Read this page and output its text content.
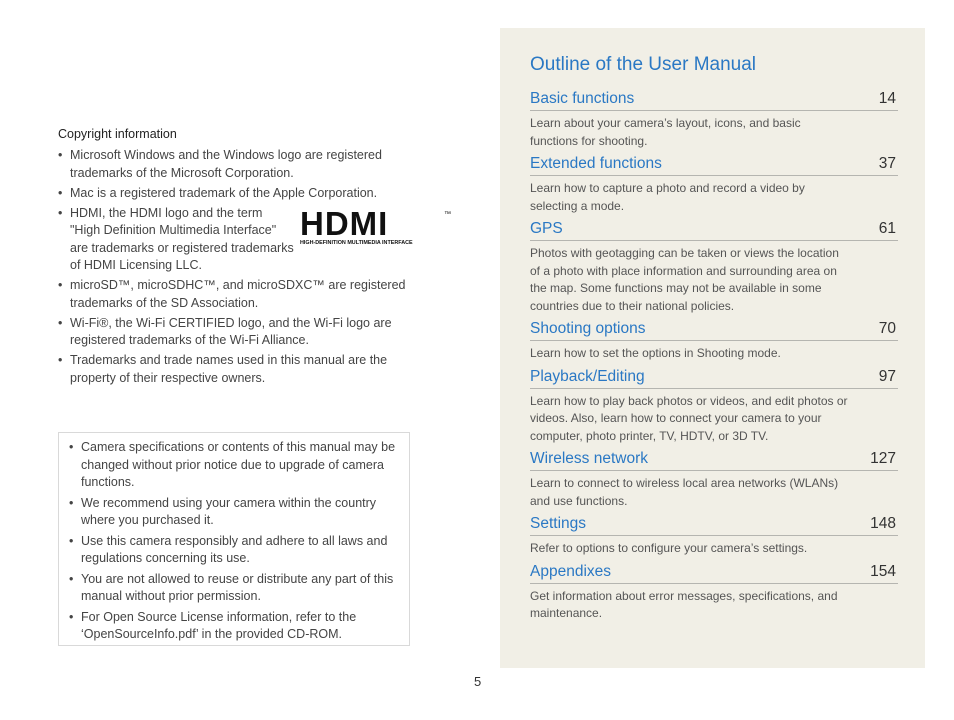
Copyright information
• Microsoft Windows and the Windows logo are registered trademarks of the Microsoft Corporation.
• Mac is a registered trademark of the Apple Corporation.
• HDMI, the HDMI logo and the term "High Definition Multimedia Interface" are trademarks or registered trademarks of HDMI Licensing LLC.
HDMI	™
HIGH-DEFINITION MULTIMEDIA INTERFACE
• microSD™, microSDHC™, and microSDXC™ are registered trademarks of the SD Association.
• Wi-Fi®, the Wi-Fi CERTIFIED logo, and the Wi-Fi logo are registered trademarks of the Wi-Fi Alliance.
• Trademarks and trade names used in this manual are the property of their respective owners.
• Camera specifications or contents of this manual may be changed without prior notice due to upgrade of camera functions.
• We recommend using your camera within the country where you purchased it.
• Use this camera responsibly and adhere to all laws and regulations concerning its use.
• You are not allowed to reuse or distribute any part of this manual without prior permission.
• For Open Source License information, refer to the ‘OpenSourceInfo.pdf’ in the provided CD-ROM.
Outline of the User Manual
Basic functions	14
Learn about your camera’s layout, icons, and basic functions for shooting.
Extended functions	37
Learn how to capture a photo and record a video by selecting a mode.
GPS	61
Photos with geotagging can be taken or views the location of a photo with place information and surrounding area on the map. Some functions may not be available in some countries due to their national policies.
Shooting options	70
Learn how to set the options in Shooting mode.
Playback/Editing	97
Learn how to play back photos or videos, and edit photos or videos. Also, learn how to connect your camera to your computer, photo printer, TV, HDTV, or 3D TV.
Wireless network	127
Learn to connect to wireless local area networks (WLANs) and use functions.
Settings	148
Refer to options to configure your camera’s settings.
Appendixes	154
Get information about error messages, specifications, and maintenance.
5
